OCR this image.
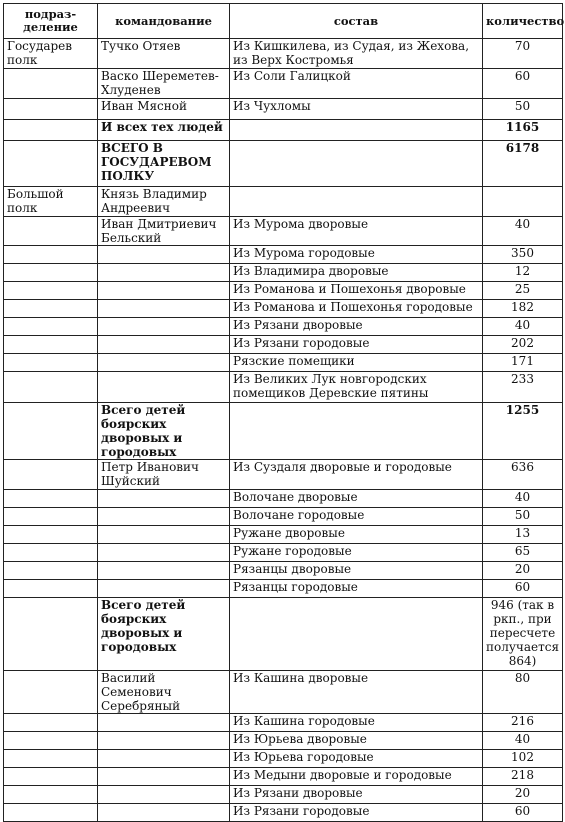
подраз-
деление	командование	состав	количество
Государев полк	Тучко Отяев	Из Кишкилева, из Судая, из Жехова, из Верх Костромья	70
	Васко Шереметев-Хлуденев	Из Соли Галицкой	60
	Иван Мясной	Из Чухломы	50
	И всех тех людей		1165
	ВСЕГО В ГОСУДАРЕВОМ ПОЛКУ		6178
Большой полк	Князь Владимир Андреевич		
	Иван Дмитриевич Бельский	Из Мурома дворовые	40
		Из Мурома городовые	350
		Из Владимира дворовые	12
		Из Романова и Пошехонья дворовые	25
		Из Романова и Пошехонья городовые	182
		Из Рязани дворовые	40
		Из Рязани городовые	202
		Рязские помещики	171
		Из Великих Лук новгородских помещиков Деревские пятины	233
	Всего детей боярских дворовых и городовых		1255
	Петр Иванович Шуйский	Из Суздаля дворовые и городовые	636
		Волочане дворовые	40
		Волочане городовые	50
		Ружане дворовые	13
		Ружане городовые	65
		Рязанцы дворовые	20
		Рязанцы городовые	60
	Всего детей боярских дворовых и городовых		946 (так в ркп., при пересчете получается 864)
	Василий Семенович Серебряный	Из Кашина дворовые	80
		Из Кашина городовые	216
		Из Юрьева дворовые	40
		Из Юрьева городовые	102
		Из Медыни дворовые и городовые	218
		Из Рязани дворовые	20
		Из Рязани городовые	60
